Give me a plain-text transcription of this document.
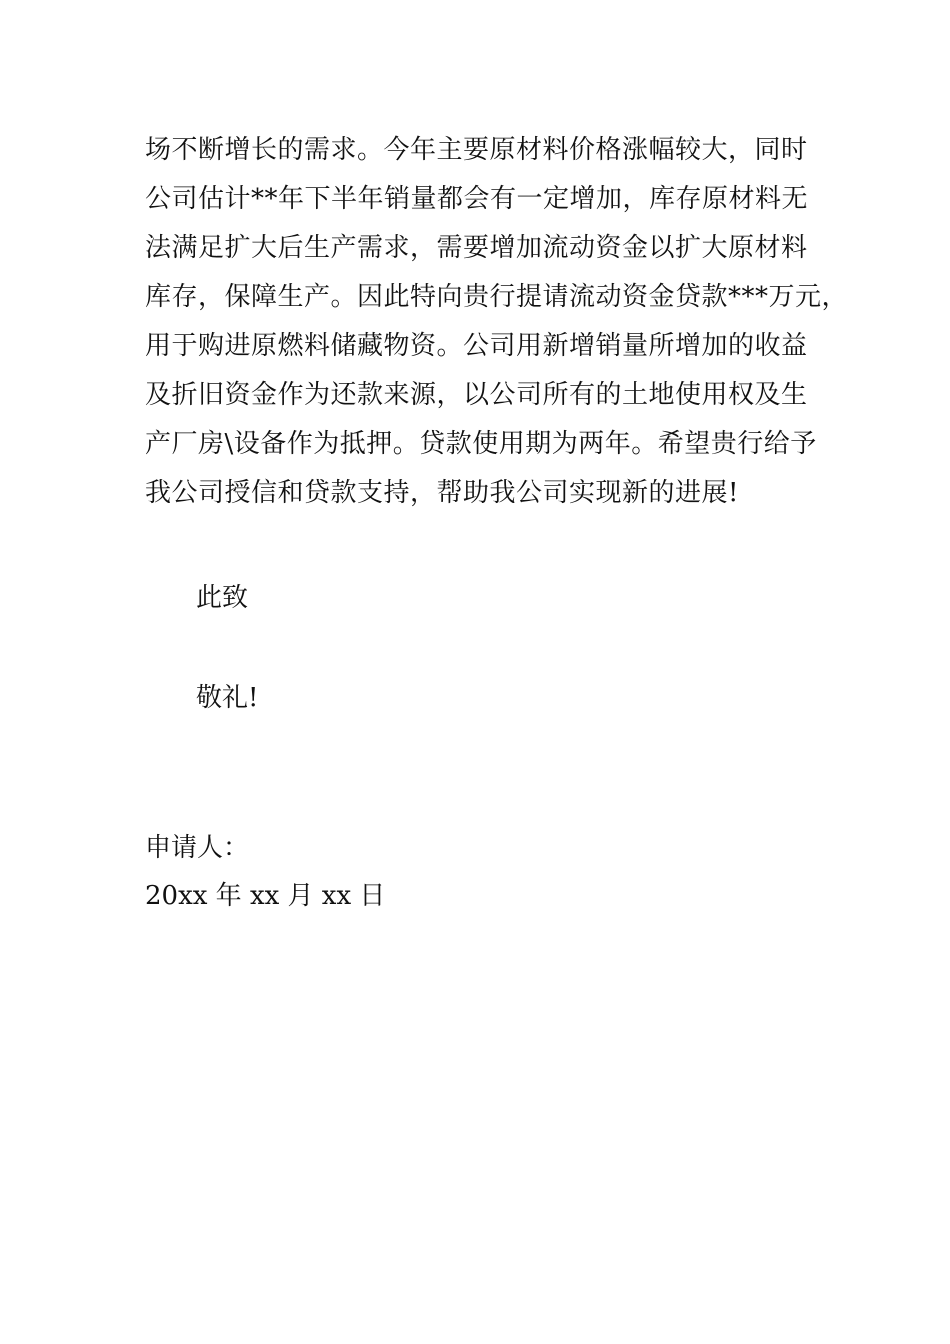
场不断增长的需求。今年主要原材料价格涨幅较大，同时
公司估计**年下半年销量都会有一定增加，库存原材料无
法满足扩大后生产需求，需要增加流动资金以扩大原材料
库存，保障生产。因此特向贵行提请流动资金贷款***万元，
用于购进原燃料储藏物资。公司用新增销量所增加的收益
及折旧资金作为还款来源，以公司所有的土地使用权及生
产厂房\设备作为抵押。贷款使用期为两年。希望贵行给予
我公司授信和贷款支持，帮助我公司实现新的进展!
此致
敬礼!
申请人：
20xx 年 xx 月 xx 日
